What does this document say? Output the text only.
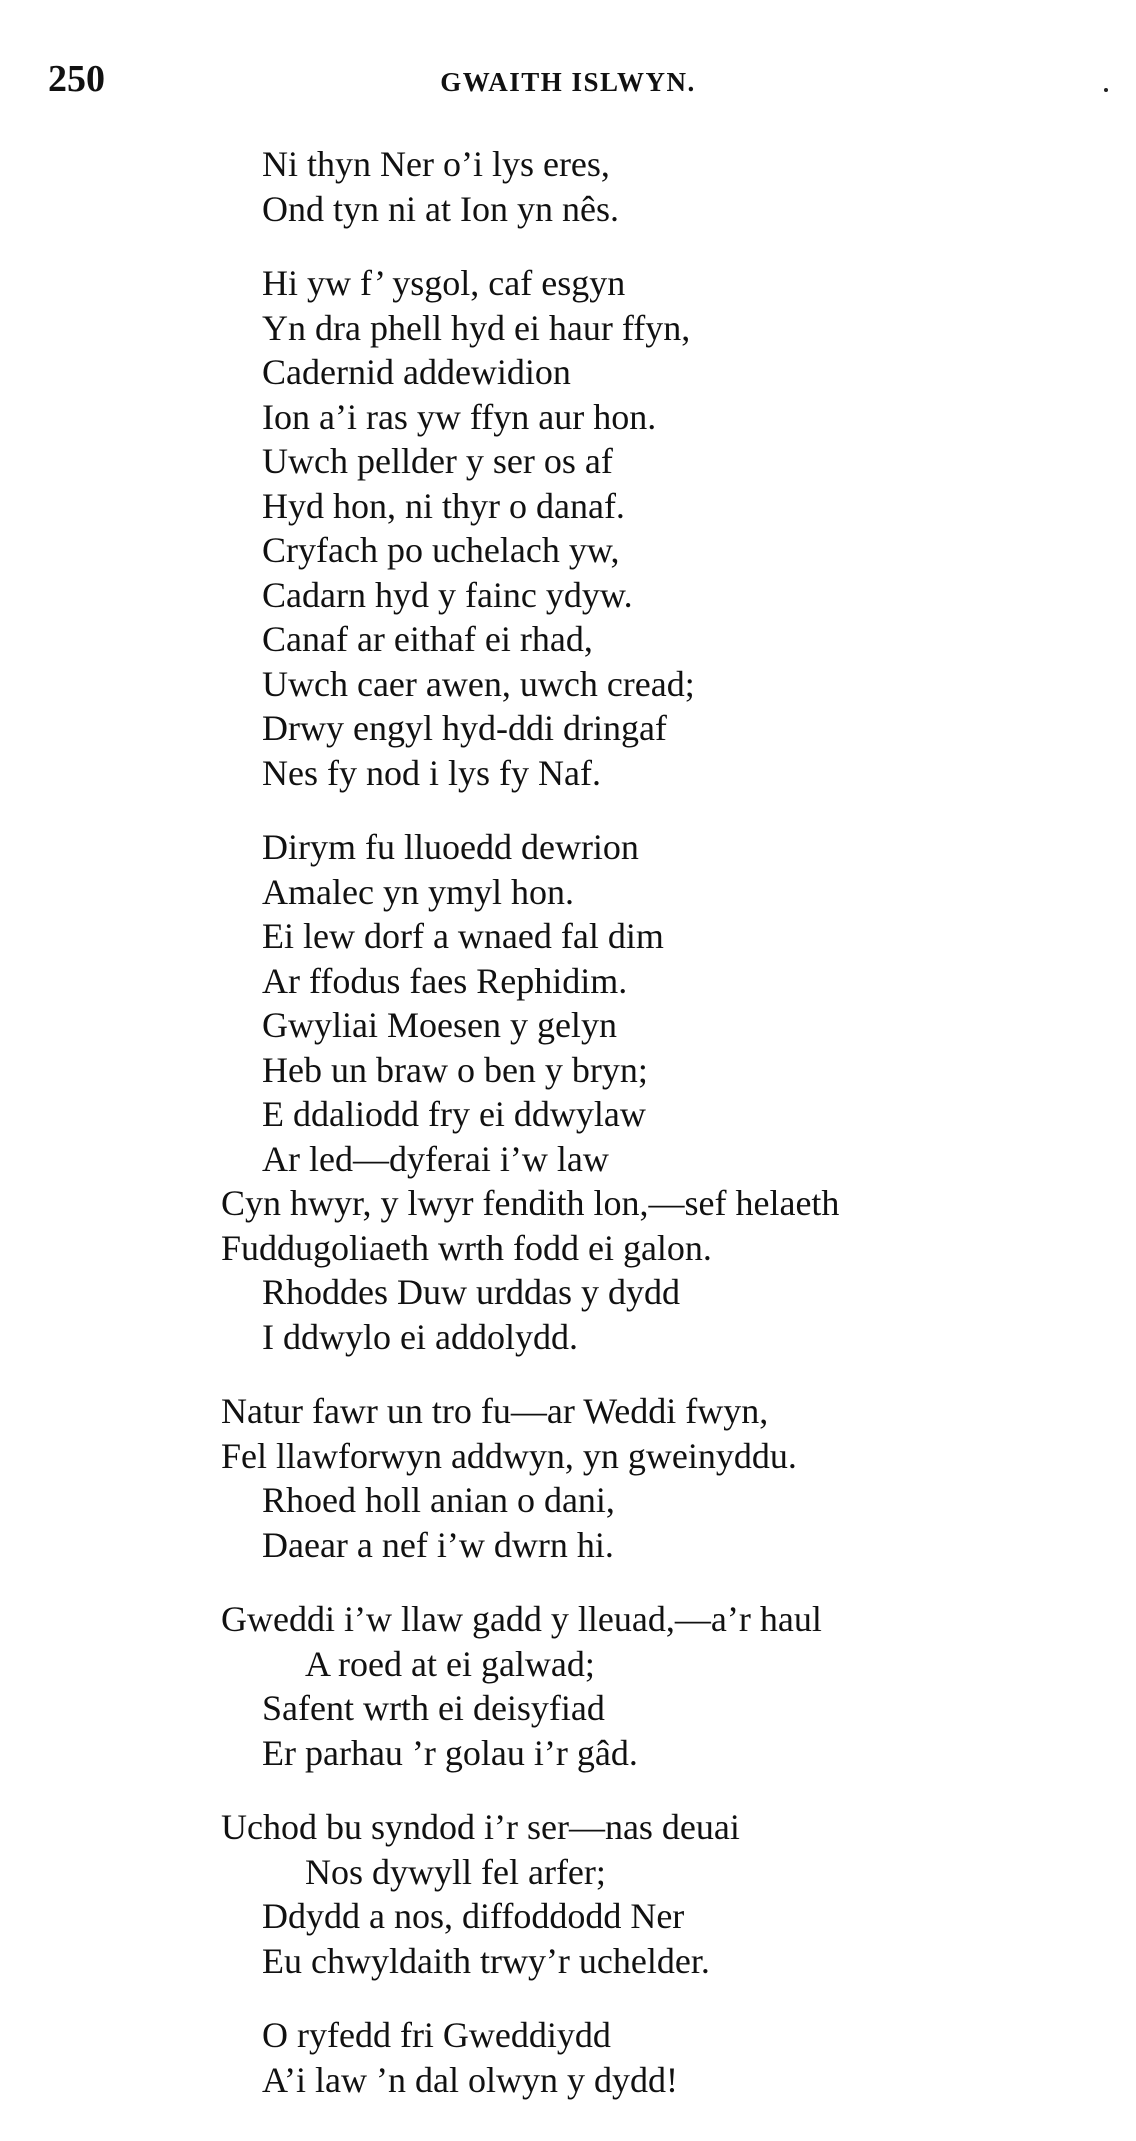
250	GWAITH ISLWYN.
Ni thyn Ner o’i lys eres,
Ond tyn ni at Ion yn nês.
Hi yw f’ ysgol, caf esgyn
Yn dra phell hyd ei haur ffyn,
Cadernid addewidion
Ion a’i ras yw ffyn aur hon.
Uwch pellder y ser os af
Hyd hon, ni thyr o danaf.
Cryfach po uchelach yw,
Cadarn hyd y fainc ydyw.
Canaf ar eithaf ei rhad,
Uwch caer awen, uwch cread;
Drwy engyl hyd-ddi dringaf
Nes fy nod i lys fy Naf.
Dirym fu lluoedd dewrion
Amalec yn ymyl hon.
Ei lew dorf a wnaed fal dim
Ar ffodus faes Rephidim.
Gwyliai Moesen y gelyn
Heb un braw o ben y bryn;
E ddaliodd fry ei ddwylaw
Ar led—dyferai i’w law
Cyn hwyr, y lwyr fendith lon,—sef helaeth
Fuddugoliaeth wrth fodd ei galon.
Rhoddes Duw urddas y dydd
I ddwylo ei addolydd.
Natur fawr un tro fu—ar Weddi fwyn,
Fel llawforwyn addwyn, yn gweinyddu.
Rhoed holl anian o dani,
Daear a nef i’w dwrn hi.
Gweddi i’w llaw gadd y lleuad,—a’r haul
A roed at ei galwad;
Safent wrth ei deisyfiad
Er parhau ’r golau i’r gâd.
Uchod bu syndod i’r ser—nas deuai
Nos dywyll fel arfer;
Ddydd a nos, diffoddodd Ner
Eu chwyldaith trwy’r uchelder.
O ryfedd fri Gweddiydd
A’i law ’n dal olwyn y dydd!
